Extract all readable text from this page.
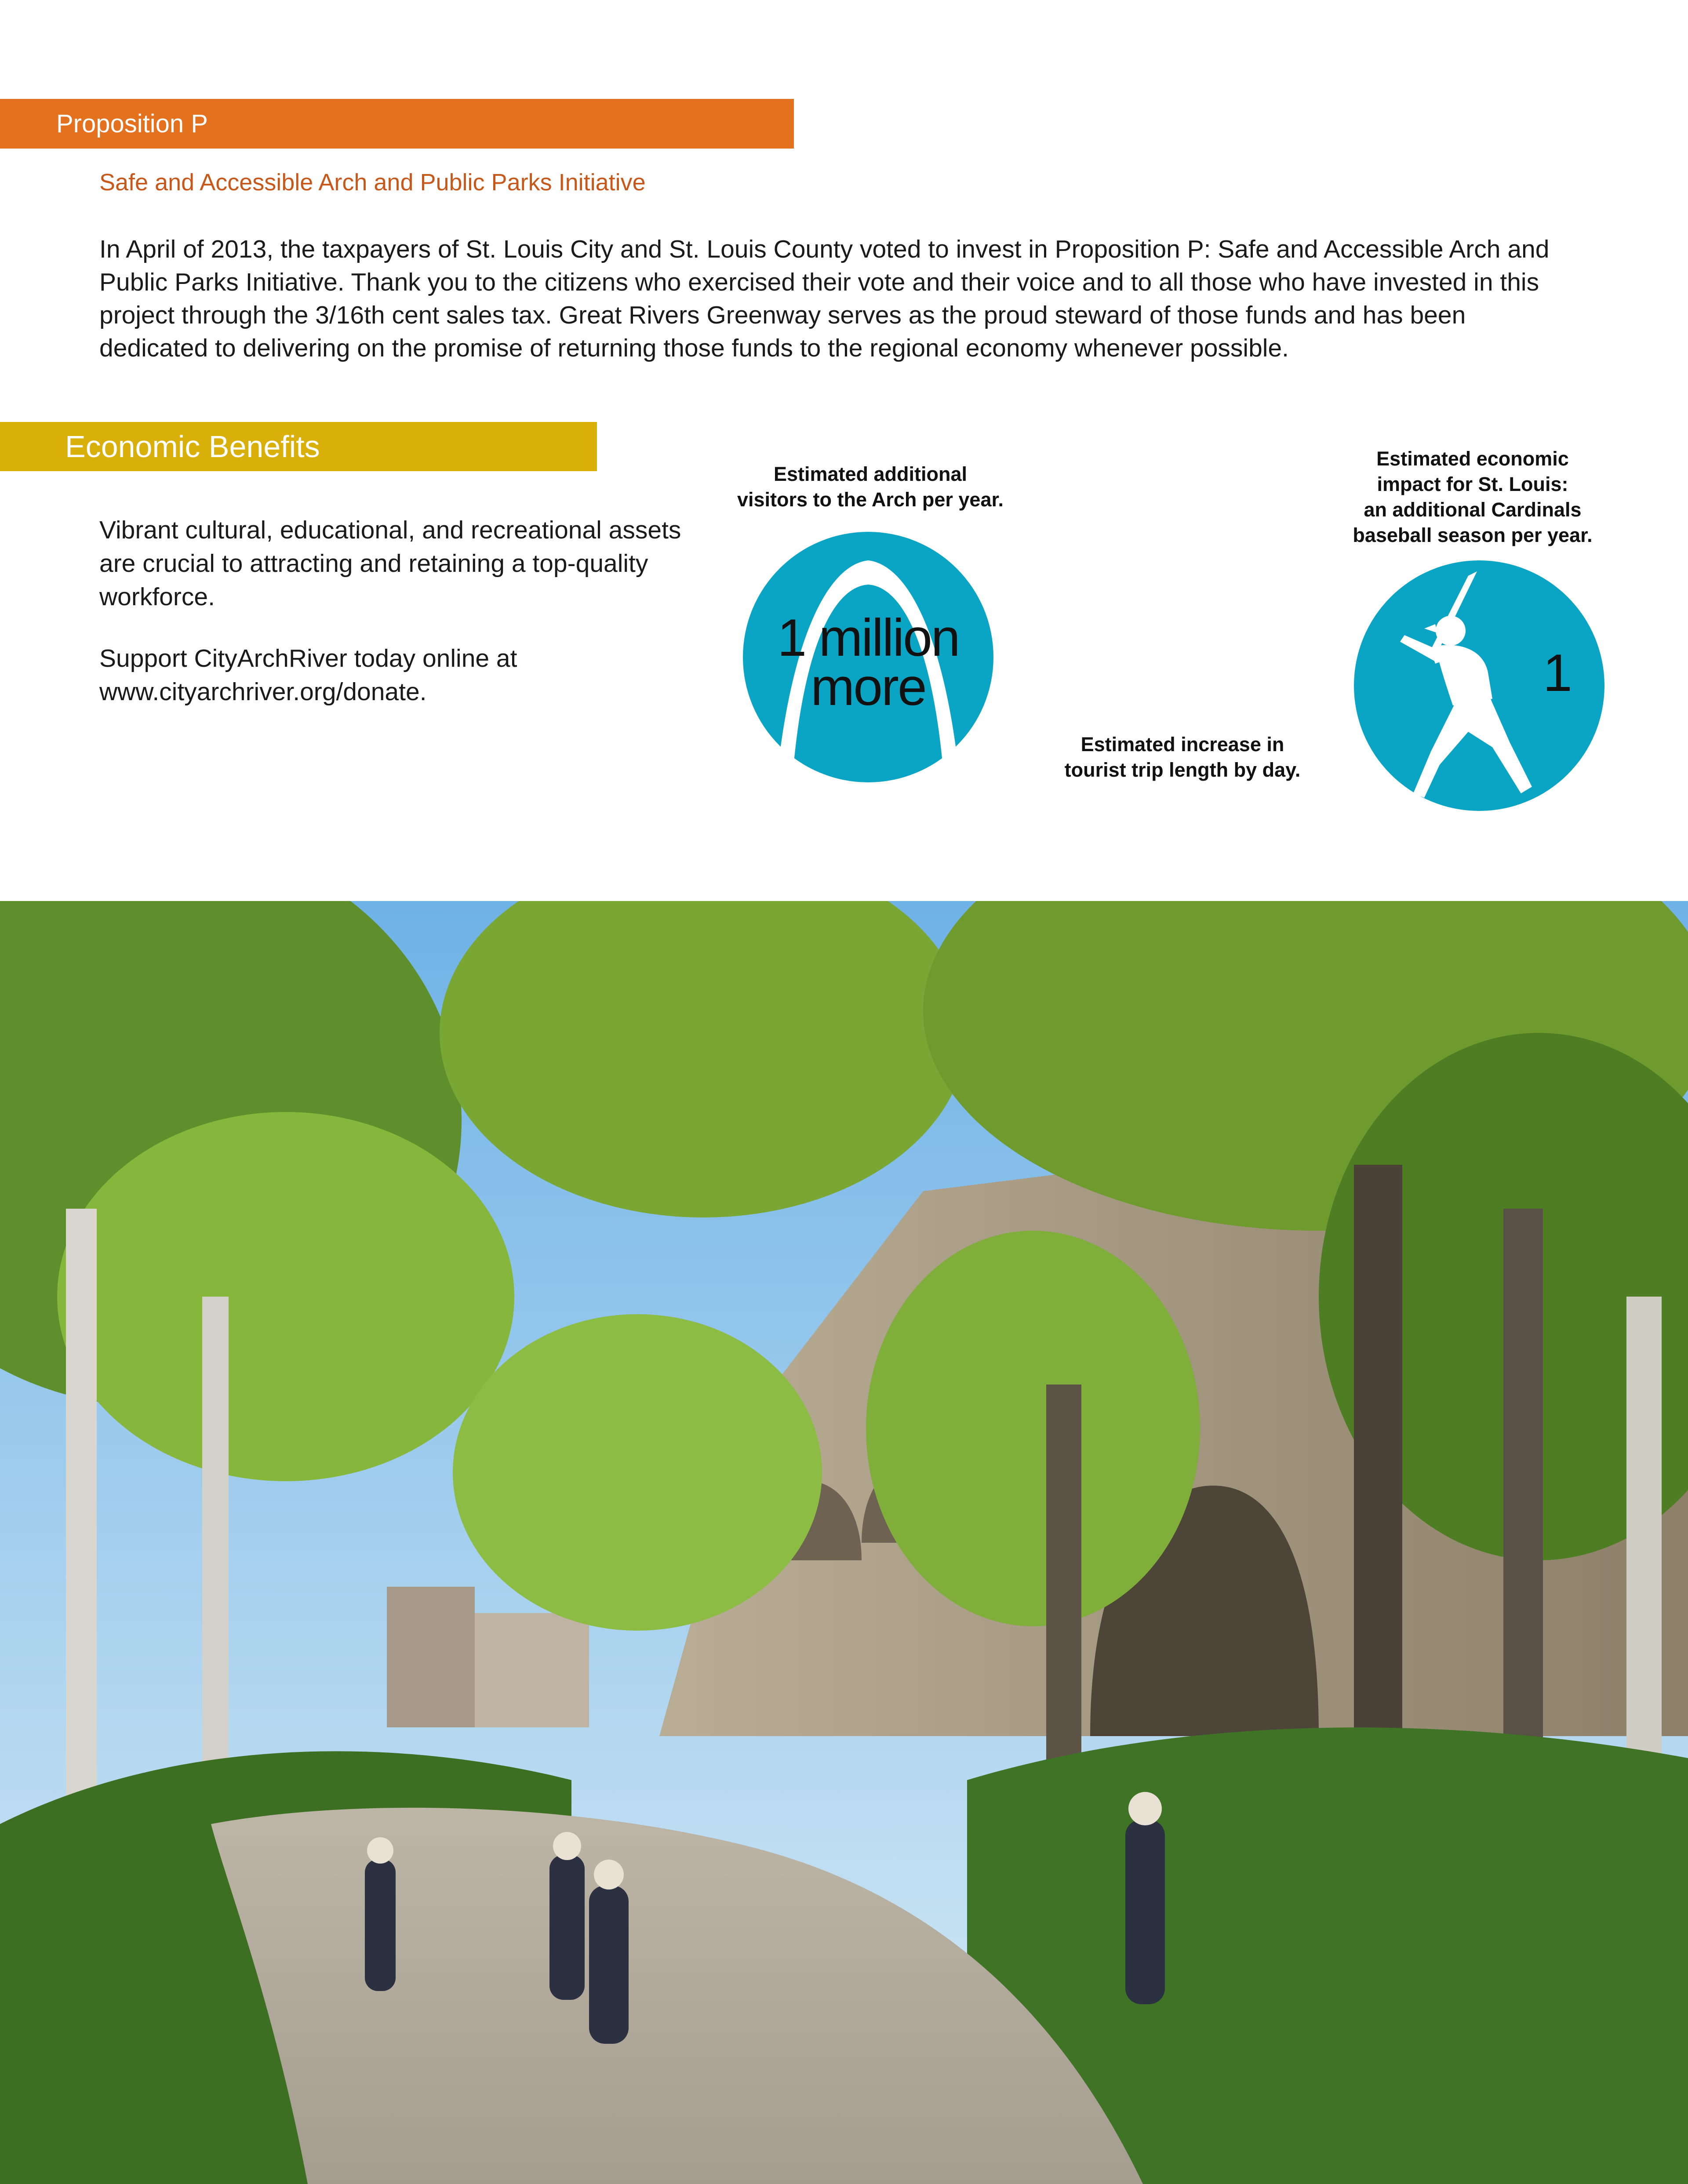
Proposition P
Safe and Accessible Arch and Public Parks Initiative

In April of 2013, the taxpayers of St. Louis City and St. Louis County voted to invest in Proposition P: Safe and Accessible Arch and Public Parks Initiative. Thank you to the citizens who exercised their vote and their voice and to all those who have invested in this project through the 3/16th cent sales tax. Great Rivers Greenway serves as the proud steward of those funds and has been dedicated to delivering on the promise of returning those funds to the regional economy whenever possible.

Economic Benefits

Vibrant cultural, educational, and recreational assets are crucial to attracting and retaining a top-quality workforce.

Support CityArchRiver today online at www.cityarchriver.org/donate.

Estimated additional
visitors to the Arch per year.
1 million
more
Estimated increase in
tourist trip length by day.
Estimated economic
impact for St. Louis:
an additional Cardinals
baseball season per year.
1
